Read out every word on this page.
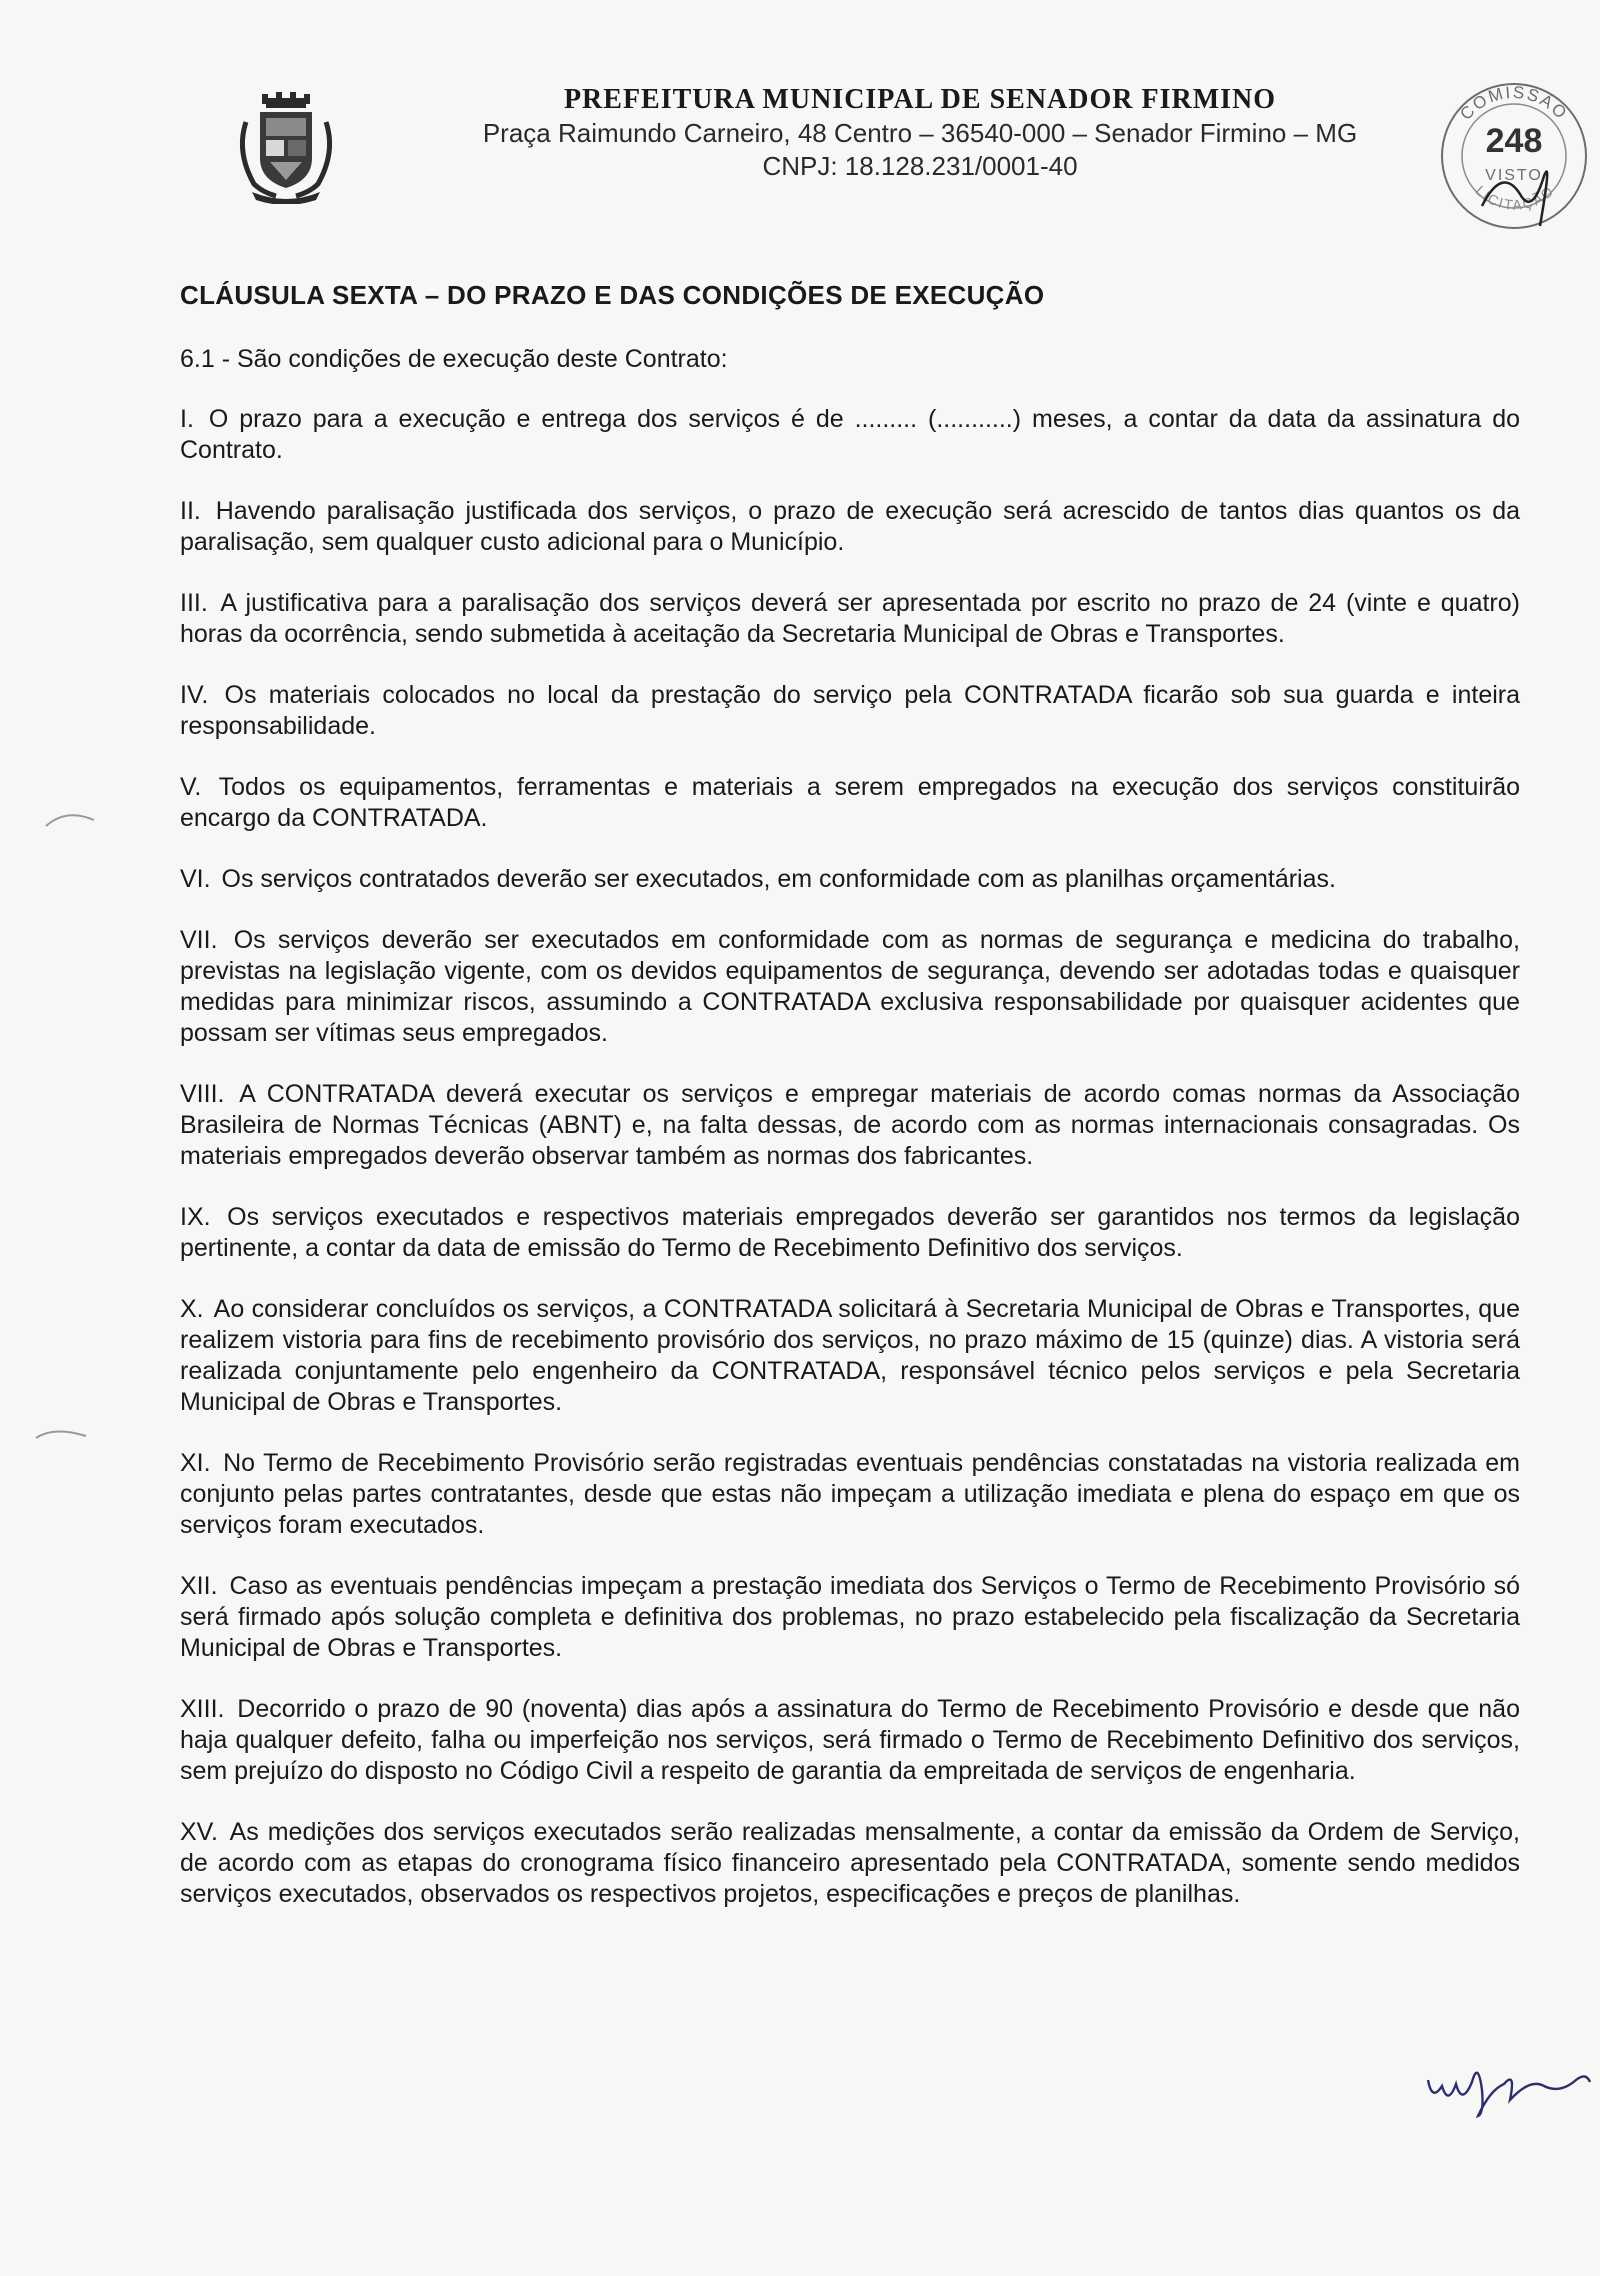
PREFEITURA MUNICIPAL DE SENADOR FIRMINO
Praça Raimundo Carneiro, 48 Centro – 36540-000 – Senador Firmino – MG
CNPJ: 18.128.231/0001-40
COMISSÃO
248
VISTO
LICITAÇÃO
CLÁUSULA SEXTA – DO PRAZO E DAS CONDIÇÕES DE EXECUÇÃO
6.1 - São condições de execução deste Contrato:
I. O prazo para a execução e entrega dos serviços é de ......... (...........) meses, a contar da data da assinatura do Contrato.
II. Havendo paralisação justificada dos serviços, o prazo de execução será acrescido de tantos dias quantos os da paralisação, sem qualquer custo adicional para o Município.
III. A justificativa para a paralisação dos serviços deverá ser apresentada por escrito no prazo de 24 (vinte e quatro) horas da ocorrência, sendo submetida à aceitação da Secretaria Municipal de Obras e Transportes.
IV. Os materiais colocados no local da prestação do serviço pela CONTRATADA ficarão sob sua guarda e inteira responsabilidade.
V. Todos os equipamentos, ferramentas e materiais a serem empregados na execução dos serviços constituirão encargo da CONTRATADA.
VI. Os serviços contratados deverão ser executados, em conformidade com as planilhas orçamentárias.
VII. Os serviços deverão ser executados em conformidade com as normas de segurança e medicina do trabalho, previstas na legislação vigente, com os devidos equipamentos de segurança, devendo ser adotadas todas e quaisquer medidas para minimizar riscos, assumindo a CONTRATADA exclusiva responsabilidade por quaisquer acidentes que possam ser vítimas seus empregados.
VIII. A CONTRATADA deverá executar os serviços e empregar materiais de acordo comas normas da Associação Brasileira de Normas Técnicas (ABNT) e, na falta dessas, de acordo com as normas internacionais consagradas. Os materiais empregados deverão observar também as normas dos fabricantes.
IX. Os serviços executados e respectivos materiais empregados deverão ser garantidos nos termos da legislação pertinente, a contar da data de emissão do Termo de Recebimento Definitivo dos serviços.
X. Ao considerar concluídos os serviços, a CONTRATADA solicitará à Secretaria Municipal de Obras e Transportes, que realizem vistoria para fins de recebimento provisório dos serviços, no prazo máximo de 15 (quinze) dias. A vistoria será realizada conjuntamente pelo engenheiro da CONTRATADA, responsável técnico pelos serviços e pela Secretaria Municipal de Obras e Transportes.
XI. No Termo de Recebimento Provisório serão registradas eventuais pendências constatadas na vistoria realizada em conjunto pelas partes contratantes, desde que estas não impeçam a utilização imediata e plena do espaço em que os serviços foram executados.
XII. Caso as eventuais pendências impeçam a prestação imediata dos Serviços o Termo de Recebimento Provisório só será firmado após solução completa e definitiva dos problemas, no prazo estabelecido pela fiscalização da Secretaria Municipal de Obras e Transportes.
XIII. Decorrido o prazo de 90 (noventa) dias após a assinatura do Termo de Recebimento Provisório e desde que não haja qualquer defeito, falha ou imperfeição nos serviços, será firmado o Termo de Recebimento Definitivo dos serviços, sem prejuízo do disposto no Código Civil a respeito de garantia da empreitada de serviços de engenharia.
XV. As medições dos serviços executados serão realizadas mensalmente, a contar da emissão da Ordem de Serviço, de acordo com as etapas do cronograma físico financeiro apresentado pela CONTRATADA, somente sendo medidos serviços executados, observados os respectivos projetos, especificações e preços de planilhas.
